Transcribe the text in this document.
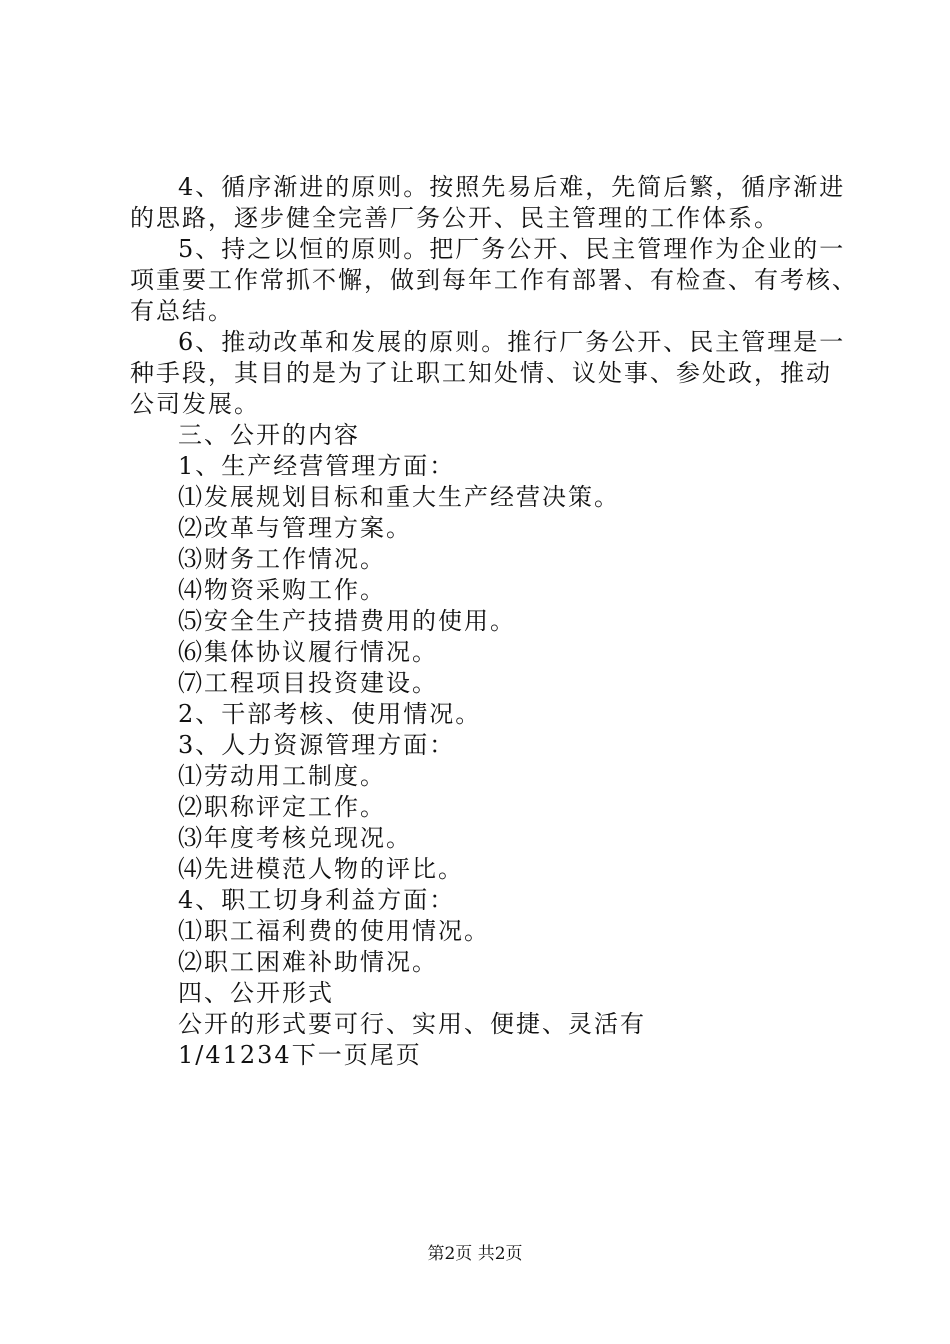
4、循序渐进的原则。按照先易后难，先简后繁，循序渐进
的思路，逐步健全完善厂务公开、民主管理的工作体系。
5、持之以恒的原则。把厂务公开、民主管理作为企业的一
项重要工作常抓不懈，做到每年工作有部署、有检查、有考核、
有总结。
6、推动改革和发展的原则。推行厂务公开、民主管理是一
种手段，其目的是为了让职工知处情、议处事、参处政，推动
公司发展。
三、公开的内容
1、生产经营管理方面：
⑴发展规划目标和重大生产经营决策。
⑵改革与管理方案。
⑶财务工作情况。
⑷物资采购工作。
⑸安全生产技措费用的使用。
⑹集体协议履行情况。
⑺工程项目投资建设。
2、干部考核、使用情况。
3、人力资源管理方面：
⑴劳动用工制度。
⑵职称评定工作。
⑶年度考核兑现况。
⑷先进模范人物的评比。
4、职工切身利益方面：
⑴职工福利费的使用情况。
⑵职工困难补助情况。
四、公开形式
公开的形式要可行、实用、便捷、灵活有
1/41234下一页尾页
第2页 共2页
